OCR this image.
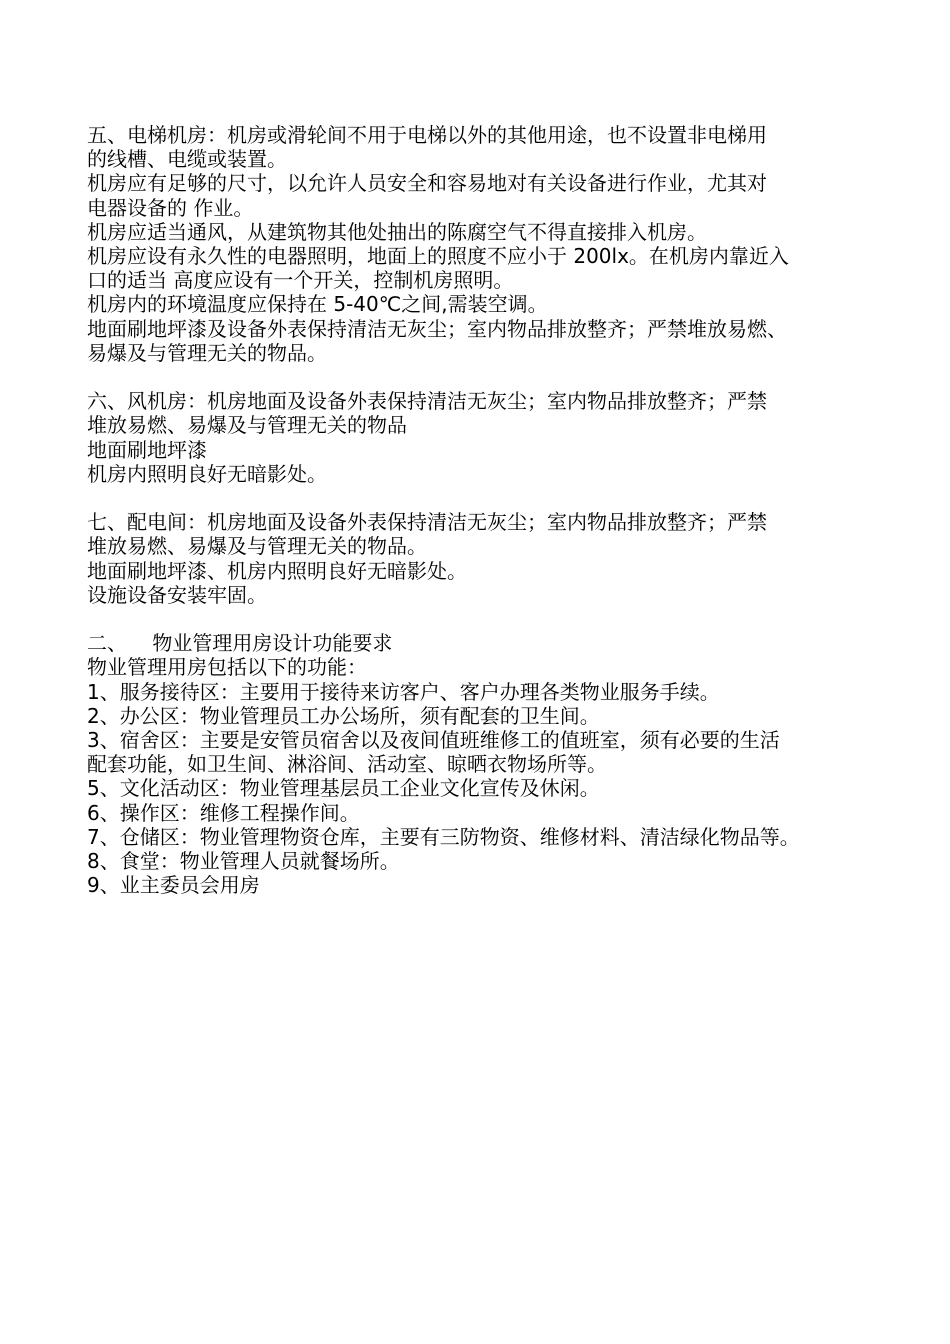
五、电梯机房：机房或滑轮间不用于电梯以外的其他用途，也不设置非电梯用

的线槽、电缆或装置。

机房应有足够的尺寸，以允许人员安全和容易地对有关设备进行作业，尤其对

电器设备的 作业。

机房应适当通风，从建筑物其他处抽出的陈腐空气不得直接排入机房。

机房应设有永久性的电器照明，地面上的照度不应小于 200lx。在机房内靠近入

口的适当 高度应设有一个开关，控制机房照明。

机房内的环境温度应保持在 5-40℃之间,需装空调。

地面刷地坪漆及设备外表保持清洁无灰尘；室内物品排放整齐；严禁堆放易燃、

易爆及与管理无关的物品。

六、风机房：机房地面及设备外表保持清洁无灰尘；室内物品排放整齐；严禁

堆放易燃、易爆及与管理无关的物品

地面刷地坪漆

机房内照明良好无暗影处。

七、配电间：机房地面及设备外表保持清洁无灰尘；室内物品排放整齐；严禁

堆放易燃、易爆及与管理无关的物品。

地面刷地坪漆、机房内照明良好无暗影处。

设施设备安装牢固。

二、    物业管理用房设计功能要求

物业管理用房包括以下的功能：

1、服务接待区：主要用于接待来访客户、客户办理各类物业服务手续。

2、办公区：物业管理员工办公场所，须有配套的卫生间。

3、宿舍区：主要是安管员宿舍以及夜间值班维修工的值班室，须有必要的生活

配套功能，如卫生间、淋浴间、活动室、晾晒衣物场所等。

5、文化活动区：物业管理基层员工企业文化宣传及休闲。

6、操作区：维修工程操作间。

7、仓储区：物业管理物资仓库，主要有三防物资、维修材料、清洁绿化物品等。

8、食堂：物业管理人员就餐场所。

9、业主委员会用房
